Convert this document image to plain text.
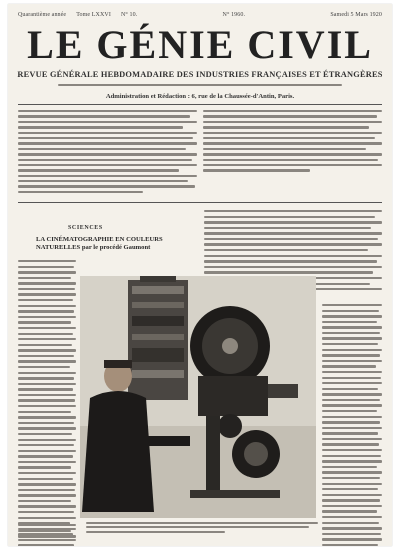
Quarantième année Tome LXXVI N° 10.	N° 1960.	Samedi 5 Mars 1920
LE GÉNIE CIVIL
REVUE GÉNÉRALE HEBDOMADAIRE DES INDUSTRIES FRANÇAISES ET ÉTRANGÈRES
Administration et Rédaction : 6, rue de la Chaussée-d'Antin, Paris.
SCIENCES
LA CINÉMATOGRAPHIE EN COULEURS NATURELLES par le procédé Gaumont
